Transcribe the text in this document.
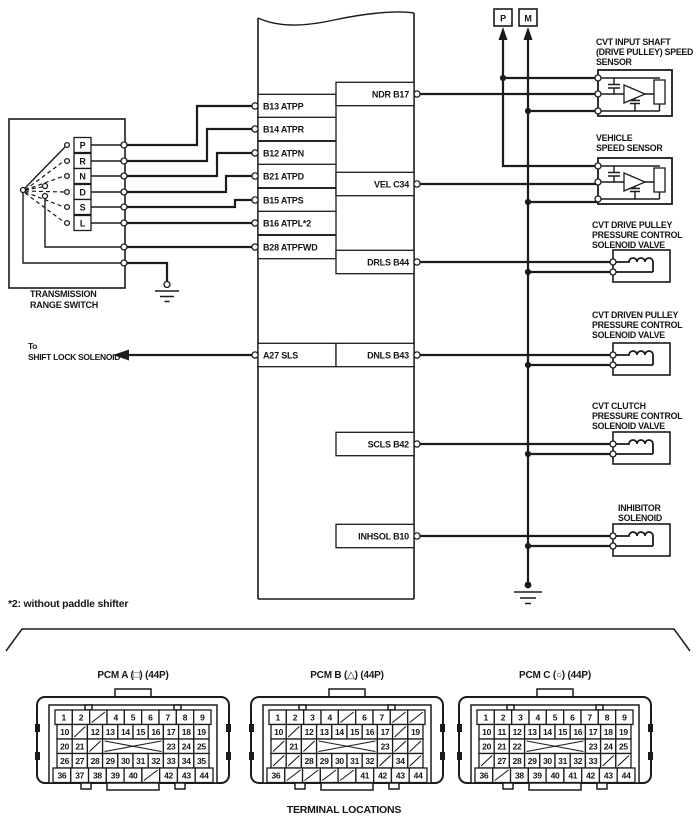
P M
P
R
N
D
S
L
TRANSMISSION
RANGE SWITCH
B13 ATPP
B14 ATPR
B12 ATPN
B21 ATPD
B15 ATPS
B16 ATPL*2
B28 ATPFWD
A27 SLS
NDR B17
VEL C34
DRLS B44
DNLS B43
SCLS B42
INHSOL B10
To
SHIFT LOCK SOLENOID
CVT INPUT SHAFT
(DRIVE PULLEY) SPEED
SENSOR
VEHICLE
SPEED SENSOR
CVT DRIVE PULLEY
PRESSURE CONTROL
SOLENOID VALVE
CVT DRIVEN PULLEY
PRESSURE CONTROL
SOLENOID VALVE
CVT CLUTCH
PRESSURE CONTROL
SOLENOID VALVE
INHIBITOR
SOLENOID
*2: without paddle shifter
PCM A (□) (44P)	PCM B (△) (44P)	PCM C (○) (44P)
1 2	4 5 6 7 8 9
10	12 13 14 15 16 17 18 19
20 21	23 24 25
26 27 28 29 30 31 32 33 34 35
36 37 38 39 40	42 43 44
1 2 3 4	6 7
10	12 13 14 15 16 17	19
21	23
28 29 30 31 32	34
36	41 42 43 44
1 2 3 4 5 6 7 8 9
10 11 12 13 14 15 16 17 18 19
20 21 22	23 24 25
27 28 29 30 31 32 33
36	38 39 40 41 42 43 44
TERMINAL LOCATIONS
